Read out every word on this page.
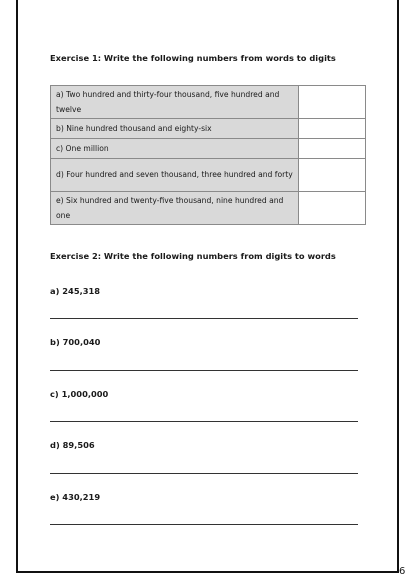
Exercise 1: Write the following numbers from words to digits
a) Two hundred and thirty-four thousand, five hundred and twelve	
b) Nine hundred thousand and eighty-six	
c) One million	
d) Four hundred and seven thousand, three hundred and forty	
e) Six hundred and twenty-five thousand, nine hundred and one	
Exercise 2: Write the following numbers from digits to words
a) 245,318
b) 700,040
c) 1,000,000
d) 89,506
e) 430,219
6
